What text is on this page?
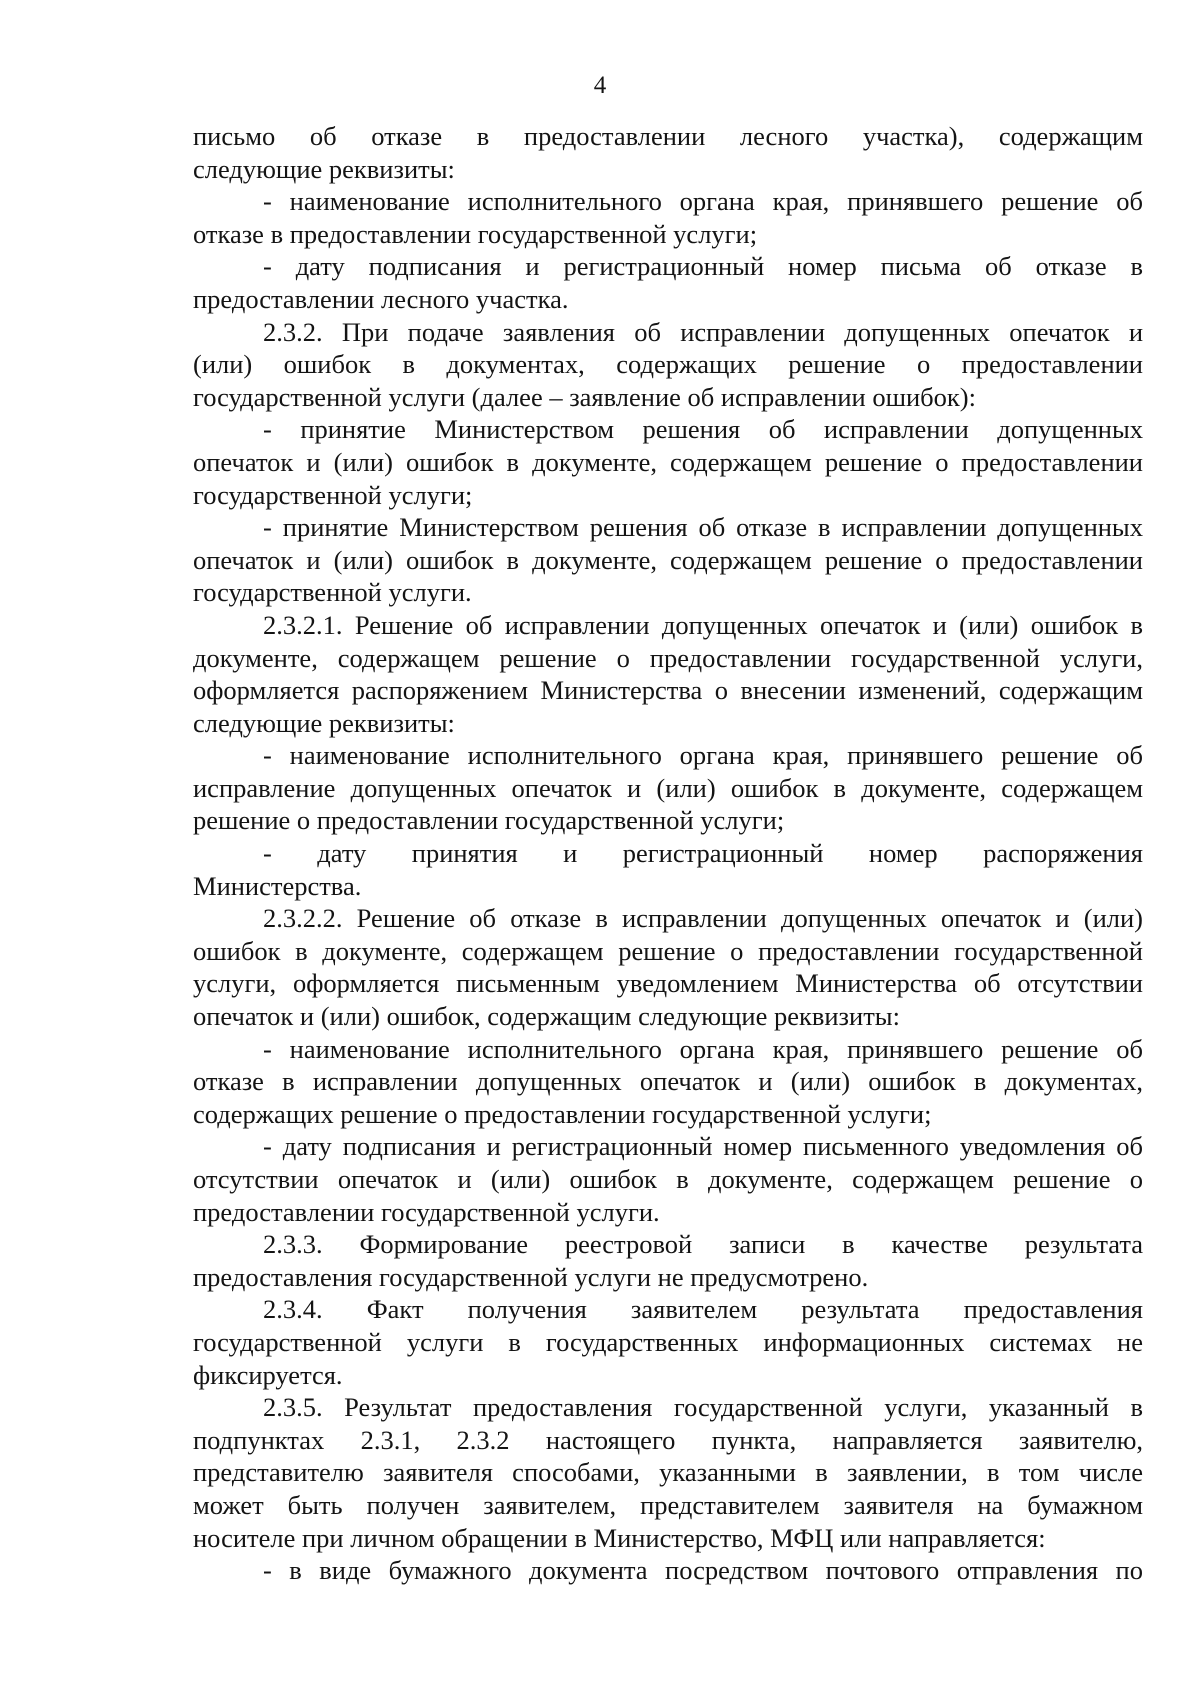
4
письмо об отказе в предоставлении лесного участка), содержащим
следующие реквизиты:
- наименование исполнительного органа края, принявшего решение об
отказе в предоставлении государственной услуги;
- дату подписания и регистрационный номер письма об отказе в
предоставлении лесного участка.
2.3.2. При подаче заявления об исправлении допущенных опечаток и
(или) ошибок в документах, содержащих решение о предоставлении
государственной услуги (далее – заявление об исправлении ошибок):
- принятие Министерством решения об исправлении допущенных
опечаток и (или) ошибок в документе, содержащем решение о предоставлении
государственной услуги;
- принятие Министерством решения об отказе в исправлении допущенных
опечаток и (или) ошибок в документе, содержащем решение о предоставлении
государственной услуги.
2.3.2.1. Решение об исправлении допущенных опечаток и (или) ошибок в
документе, содержащем решение о предоставлении государственной услуги,
оформляется распоряжением Министерства о внесении изменений, содержащим
следующие реквизиты:
- наименование исполнительного органа края, принявшего решение об
исправление допущенных опечаток и (или) ошибок в документе, содержащем
решение о предоставлении государственной услуги;
- дату принятия и регистрационный номер распоряжения
Министерства.
2.3.2.2. Решение об отказе в исправлении допущенных опечаток и (или)
ошибок в документе, содержащем решение о предоставлении государственной
услуги, оформляется письменным уведомлением Министерства об отсутствии
опечаток и (или) ошибок, содержащим следующие реквизиты:
- наименование исполнительного органа края, принявшего решение об
отказе в исправлении допущенных опечаток и (или) ошибок в документах,
содержащих решение о предоставлении государственной услуги;
- дату подписания и регистрационный номер письменного уведомления об
отсутствии опечаток и (или) ошибок в документе, содержащем решение о
предоставлении государственной услуги.
2.3.3. Формирование реестровой записи в качестве результата
предоставления государственной услуги не предусмотрено.
2.3.4. Факт получения заявителем результата предоставления
государственной услуги в государственных информационных системах не
фиксируется.
2.3.5. Результат предоставления государственной услуги, указанный в
подпунктах 2.3.1, 2.3.2 настоящего пункта, направляется заявителю,
представителю заявителя способами, указанными в заявлении, в том числе
может быть получен заявителем, представителем заявителя на бумажном
носителе при личном обращении в Министерство, МФЦ или направляется:
- в виде бумажного документа посредством почтового отправления по
